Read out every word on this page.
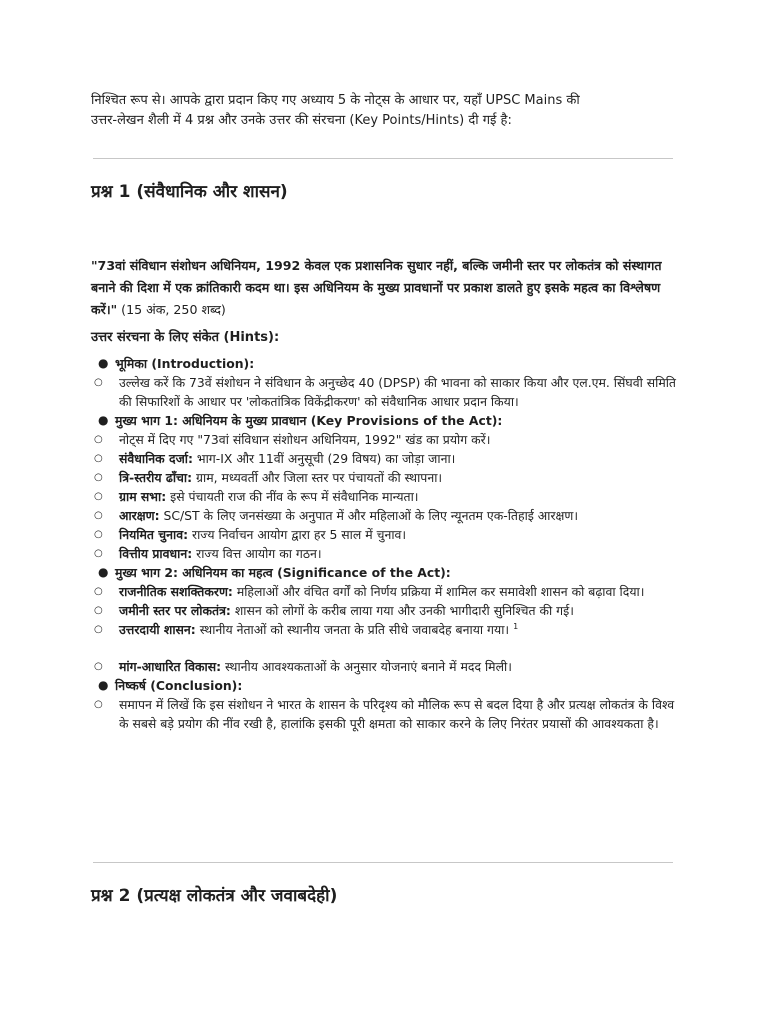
निश्चित रूप से। आपके द्वारा प्रदान किए गए अध्याय 5 के नोट्स के आधार पर, यहाँ UPSC Mains की
उत्तर-लेखन शैली में 4 प्रश्न और उनके उत्तर की संरचना (Key Points/Hints) दी गई है:
प्रश्न 1 (संवैधानिक और शासन)
"73वां संविधान संशोधन अधिनियम, 1992 केवल एक प्रशासनिक सुधार नहीं, बल्कि जमीनी स्तर पर लोकतंत्र को संस्थागत बनाने की दिशा में एक क्रांतिकारी कदम था। इस अधिनियम के मुख्य प्रावधानों पर प्रकाश डालते हुए इसके महत्व का विश्लेषण करें।" (15 अंक, 250 शब्द)
उत्तर संरचना के लिए संकेत (Hints):
● भूमिका (Introduction):
○ उल्लेख करें कि 73वें संशोधन ने संविधान के अनुच्छेद 40 (DPSP) की भावना को साकार किया और एल.एम. सिंघवी समिति की सिफारिशों के आधार पर 'लोकतांत्रिक विकेंद्रीकरण' को संवैधानिक आधार प्रदान किया।
● मुख्य भाग 1: अधिनियम के मुख्य प्रावधान (Key Provisions of the Act):
○ नोट्स में दिए गए "73वां संविधान संशोधन अधिनियम, 1992" खंड का प्रयोग करें।
○ संवैधानिक दर्जा: भाग-IX और 11वीं अनुसूची (29 विषय) का जोड़ा जाना।
○ त्रि-स्तरीय ढाँचा: ग्राम, मध्यवर्ती और जिला स्तर पर पंचायतों की स्थापना।
○ ग्राम सभा: इसे पंचायती राज की नींव के रूप में संवैधानिक मान्यता।
○ आरक्षण: SC/ST के लिए जनसंख्या के अनुपात में और महिलाओं के लिए न्यूनतम एक-तिहाई आरक्षण।
○ नियमित चुनाव: राज्य निर्वाचन आयोग द्वारा हर 5 साल में चुनाव।
○ वित्तीय प्रावधान: राज्य वित्त आयोग का गठन।
● मुख्य भाग 2: अधिनियम का महत्व (Significance of the Act):
○ राजनीतिक सशक्तिकरण: महिलाओं और वंचित वर्गों को निर्णय प्रक्रिया में शामिल कर समावेशी शासन को बढ़ावा दिया।
○ जमीनी स्तर पर लोकतंत्र: शासन को लोगों के करीब लाया गया और उनकी भागीदारी सुनिश्चित की गई।
○ उत्तरदायी शासन: स्थानीय नेताओं को स्थानीय जनता के प्रति सीधे जवाबदेह बनाया गया। $^1$
○ मांग-आधारित विकास: स्थानीय आवश्यकताओं के अनुसार योजनाएं बनाने में मदद मिली।
● निष्कर्ष (Conclusion):
○ समापन में लिखें कि इस संशोधन ने भारत के शासन के परिदृश्य को मौलिक रूप से बदल दिया है और प्रत्यक्ष लोकतंत्र के विश्व के सबसे बड़े प्रयोग की नींव रखी है, हालांकि इसकी पूरी क्षमता को साकार करने के लिए निरंतर प्रयासों की आवश्यकता है।
प्रश्न 2 (प्रत्यक्ष लोकतंत्र और जवाबदेही)
